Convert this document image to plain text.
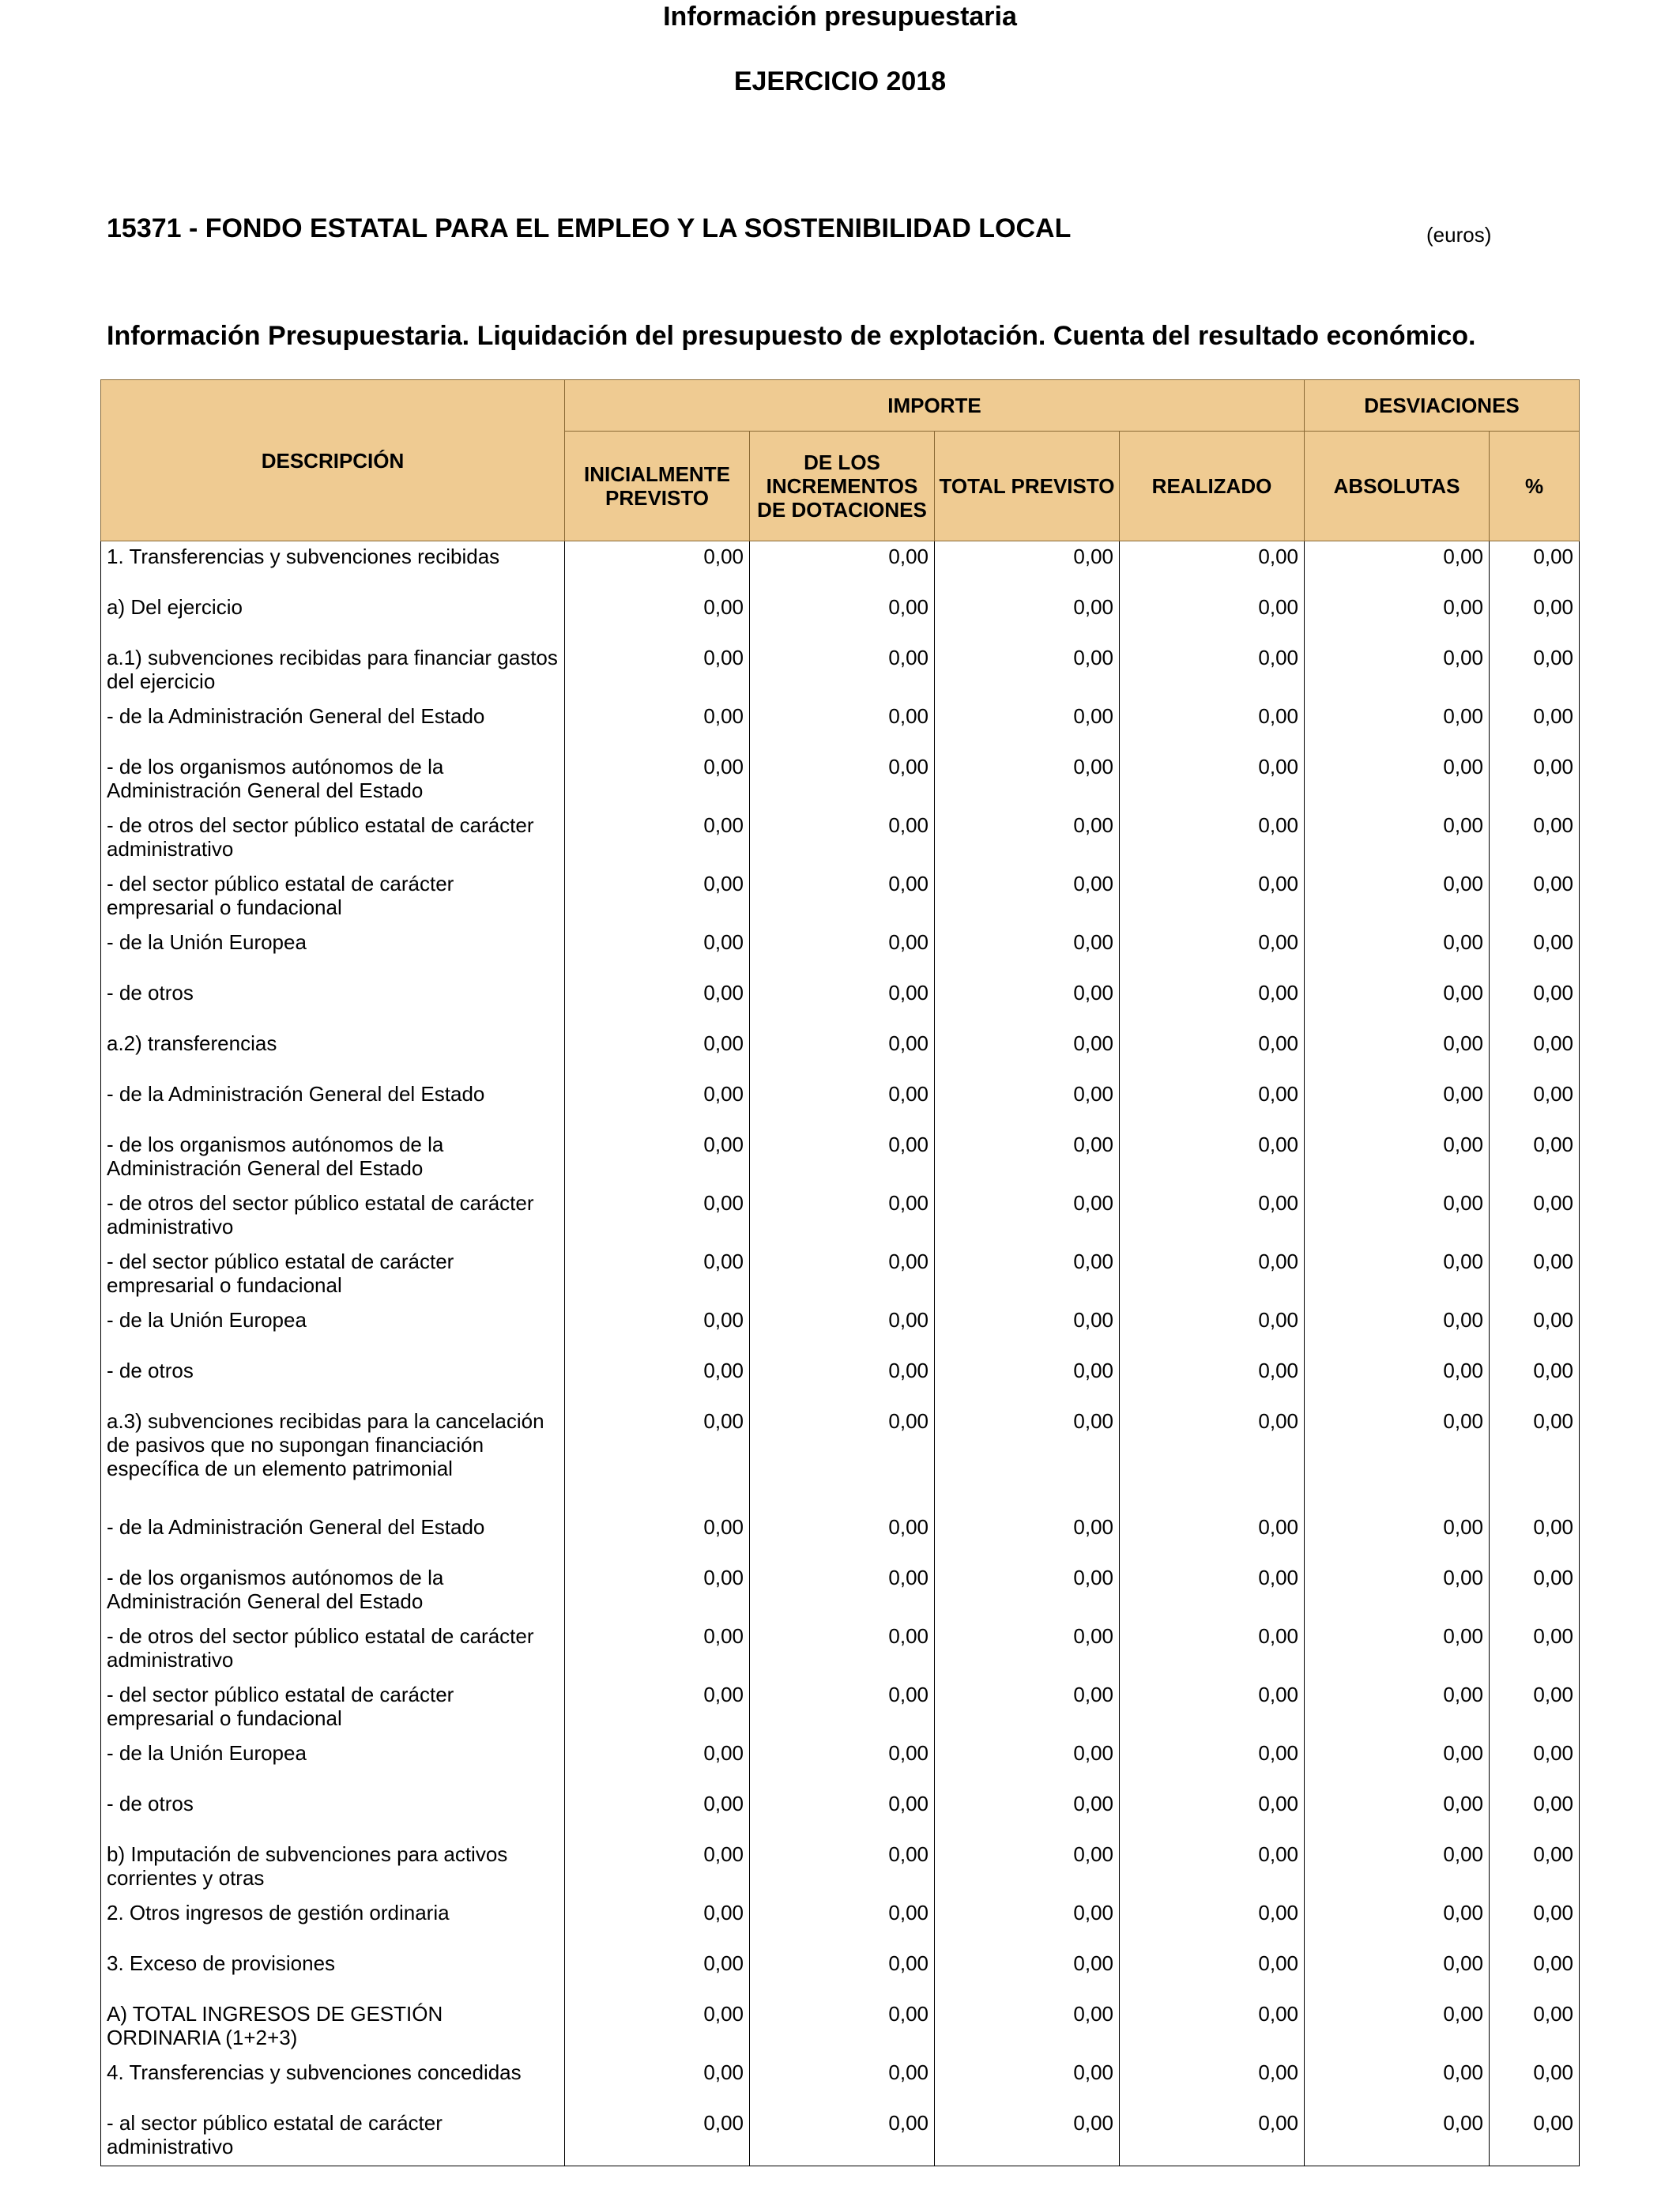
Información presupuestaria
EJERCICIO 2018
15371 - FONDO ESTATAL PARA EL EMPLEO Y LA SOSTENIBILIDAD LOCAL	(euros)
Información Presupuestaria. Liquidación del presupuesto de explotación. Cuenta del resultado económico.
DESCRIPCIÓN	IMPORTE				DESVIACIONES	
	INICIALMENTE PREVISTO	DE LOS INCREMENTOS DE DOTACIONES	TOTAL PREVISTO	REALIZADO	ABSOLUTAS	%
1. Transferencias y subvenciones recibidas	0,00	0,00	0,00	0,00	0,00	0,00
a) Del ejercicio	0,00	0,00	0,00	0,00	0,00	0,00
a.1) subvenciones recibidas para financiar gastos del ejercicio	0,00	0,00	0,00	0,00	0,00	0,00
- de la Administración General del Estado	0,00	0,00	0,00	0,00	0,00	0,00
- de los organismos autónomos de la Administración General del Estado	0,00	0,00	0,00	0,00	0,00	0,00
- de otros del sector público estatal de carácter administrativo	0,00	0,00	0,00	0,00	0,00	0,00
- del sector público estatal de carácter empresarial o fundacional	0,00	0,00	0,00	0,00	0,00	0,00
- de la Unión Europea	0,00	0,00	0,00	0,00	0,00	0,00
- de otros	0,00	0,00	0,00	0,00	0,00	0,00
a.2) transferencias	0,00	0,00	0,00	0,00	0,00	0,00
- de la Administración General del Estado	0,00	0,00	0,00	0,00	0,00	0,00
- de los organismos autónomos de la Administración General del Estado	0,00	0,00	0,00	0,00	0,00	0,00
- de otros del sector público estatal de carácter administrativo	0,00	0,00	0,00	0,00	0,00	0,00
- del sector público estatal de carácter empresarial o fundacional	0,00	0,00	0,00	0,00	0,00	0,00
- de la Unión Europea	0,00	0,00	0,00	0,00	0,00	0,00
- de otros	0,00	0,00	0,00	0,00	0,00	0,00
a.3) subvenciones recibidas para la cancelación de pasivos que no supongan financiación específica de un elemento patrimonial	0,00	0,00	0,00	0,00	0,00	0,00
- de la Administración General del Estado	0,00	0,00	0,00	0,00	0,00	0,00
- de los organismos autónomos de la Administración General del Estado	0,00	0,00	0,00	0,00	0,00	0,00
- de otros del sector público estatal de carácter administrativo	0,00	0,00	0,00	0,00	0,00	0,00
- del sector público estatal de carácter empresarial o fundacional	0,00	0,00	0,00	0,00	0,00	0,00
- de la Unión Europea	0,00	0,00	0,00	0,00	0,00	0,00
- de otros	0,00	0,00	0,00	0,00	0,00	0,00
b) Imputación de subvenciones para activos corrientes y otras	0,00	0,00	0,00	0,00	0,00	0,00
2. Otros ingresos de gestión ordinaria	0,00	0,00	0,00	0,00	0,00	0,00
3. Exceso de provisiones	0,00	0,00	0,00	0,00	0,00	0,00
A) TOTAL INGRESOS DE GESTIÓN ORDINARIA (1+2+3)	0,00	0,00	0,00	0,00	0,00	0,00
4. Transferencias y subvenciones concedidas	0,00	0,00	0,00	0,00	0,00	0,00
- al sector público estatal de carácter administrativo	0,00	0,00	0,00	0,00	0,00	0,00
